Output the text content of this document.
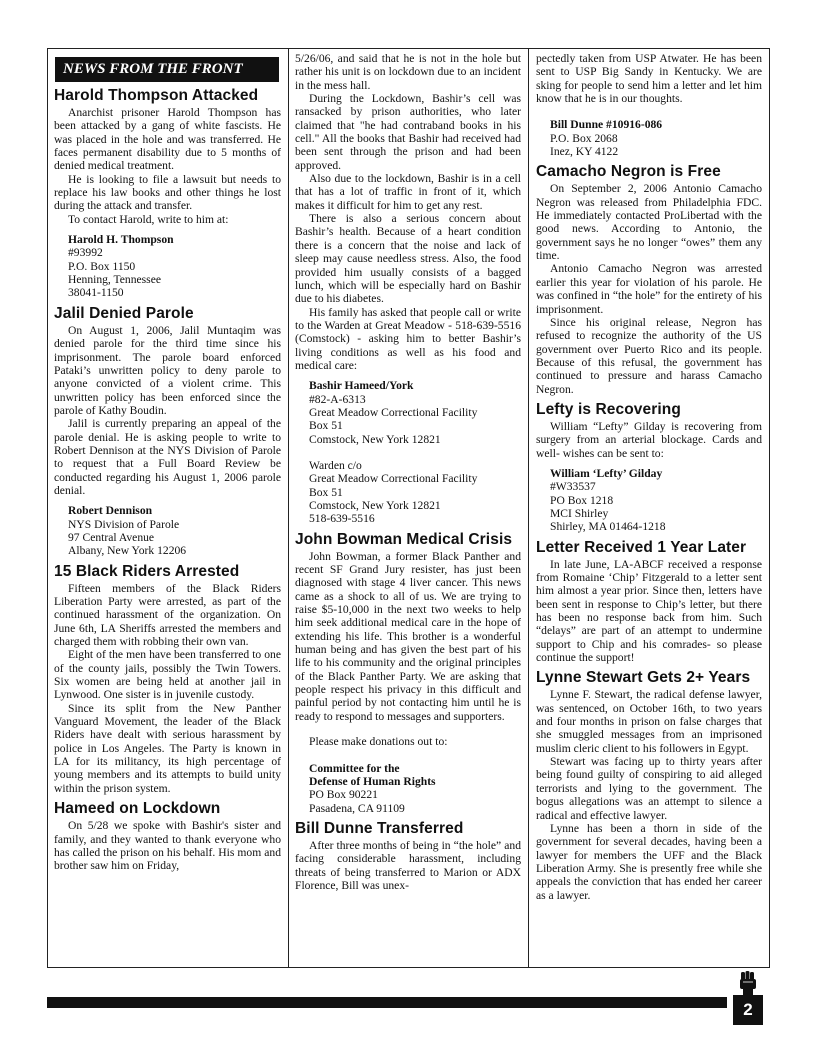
NEWS FROM THE FRONT
Harold Thompson Attacked

Anarchist prisoner Harold Thompson has been attacked by a gang of white fascists. He was placed in the hole and was transferred. He faces permanent disability due to 5 months of denied medical treatment.

He is looking to file a lawsuit but needs to replace his law books and other things he lost during the attack and transfer.

To contact Harold, write to him at:

Harold H. Thompson
#93992
P.O. Box 1150
Henning, Tennessee
38041-1150
Jalil Denied Parole

On August 1, 2006, Jalil Muntaqim was denied parole for the third time since his imprisonment. The parole board enforced Pataki’s unwritten policy to deny parole to anyone convicted of a violent crime. This unwritten policy has been enforced since the parole of Kathy Boudin.

Jalil is currently preparing an appeal of the parole denial. He is asking people to write to Robert Dennison at the NYS Division of Parole to request that a Full Board Review be conducted regarding his August 1, 2006 parole denial.

Robert Dennison
NYS Division of Parole
97 Central Avenue
Albany, New York 12206
15 Black Riders Arrested

Fifteen members of the Black Riders Liberation Party were arrested, as part of the continued harassment of the organization. On June 6th, LA Sheriffs arrested the members and charged them with robbing their own van.

Eight of the men have been transferred to one of the county jails, possibly the Twin Towers. Six women are being held at another jail in Lynwood. One sister is in juvenile custody.

Since its split from the New Panther Vanguard Movement, the leader of the Black Riders have dealt with serious harassment by police in Los Angeles. The Party is known in LA for its militancy, its high percentage of young members and its attempts to build unity within the prison system.

Hameed on Lockdown

On 5/28 we spoke with Bashir's sister and family, and they wanted to thank everyone who has called the prison on his behalf. His mom and brother saw him on Friday,

5/26/06, and said that he is not in the hole but rather his unit is on lockdown due to an incident in the mess hall.

During the Lockdown, Bashir’s cell was ransacked by prison authorities, who later claimed that "he had contraband books in his cell." All the books that Bashir had received had been sent through the prison and had been approved.

Also due to the lockdown, Bashir is in a cell that has a lot of traffic in front of it, which makes it difficult for him to get any rest.

There is also a serious concern about Bashir’s health. Because of a heart condition there is a concern that the noise and lack of sleep may cause needless stress. Also, the food provided him usually consists of a bagged lunch, which will be especially hard on Bashir due to his diabetes.

His family has asked that people call or write to the Warden at Great Meadow - 518-639-5516 (Comstock) - asking him to better Bashir’s living conditions as well as his food and medical care:

Bashir Hameed/York
#82-A-6313
Great Meadow Correctional Facility
Box 51
Comstock, New York 12821
Warden c/o
Great Meadow Correctional Facility
Box 51
Comstock, New York 12821
518-639-5516
John Bowman Medical Crisis

John Bowman, a former Black Panther and recent SF Grand Jury resister, has just been diagnosed with stage 4 liver cancer. This news came as a shock to all of us. We are trying to raise $5-10,000 in the next two weeks to help him seek additional medical care in the hope of extending his life. This brother is a wonderful human being and has given the best part of his life to his community and the original principles of the Black Panther Party. We are asking that people respect his privacy in this difficult and painful period by not contacting him until he is ready to respond to messages and supporters.

Please make donations out to:
Committee for the
Defense of Human Rights
PO Box 90221
Pasadena, CA 91109
Bill Dunne Transferred

After three months of being in “the hole” and facing considerable harassment, including threats of being transferred to Marion or ADX Florence, Bill was unex-

pectedly taken from USP Atwater. He has been sent to USP Big Sandy in Kentucky. We are sking for people to send him a letter and let him know that he is in our thoughts.

Bill Dunne #10916-086
P.O. Box 2068
Inez, KY 4122
Camacho Negron is Free

On September 2, 2006 Antonio Camacho Negron was released from Philadelphia FDC. He immediately contacted ProLibertad with the good news. According to Antonio, the government says he no longer “owes” them any time.

Antonio Camacho Negron was arrested earlier this year for violation of his parole. He was confined in “the hole” for the entirety of his imprisonment.

Since his original release, Negron has refused to recognize the authority of the US government over Puerto Rico and its people. Because of this refusal, the government has continued to pressure and harass Camacho Negron.

Lefty is Recovering

William “Lefty” Gilday is recovering from surgery from an arterial blockage. Cards and well- wishes can be sent to:

William ‘Lefty’ Gilday
#W33537
PO Box 1218
MCI Shirley
Shirley, MA 01464-1218
Letter Received 1 Year Later

In late June, LA-ABCF received a response from Romaine ‘Chip’ Fitzgerald to a letter sent him almost a year prior. Since then, letters have been sent in response to Chip’s letter, but there has been no response back from him. Such “delays” are part of an attempt to undermine support to Chip and his comrades- so please continue the support!

Lynne Stewart Gets 2+ Years

Lynne F. Stewart, the radical defense lawyer, was sentenced, on October 16th, to two years and four months in prison on false charges that she smuggled messages from an imprisoned muslim cleric client to his followers in Egypt.

Stewart was facing up to thirty years after being found guilty of conspiring to aid alleged terrorists and lying to the government. The bogus allegations was an attempt to silence a radical and effective lawyer.

Lynne has been a thorn in side of the government for several decades, having been a lawyer for members the UFF and the Black Liberation Army. She is presently free while she appeals the conviction that has ended her career as a lawyer.

2
